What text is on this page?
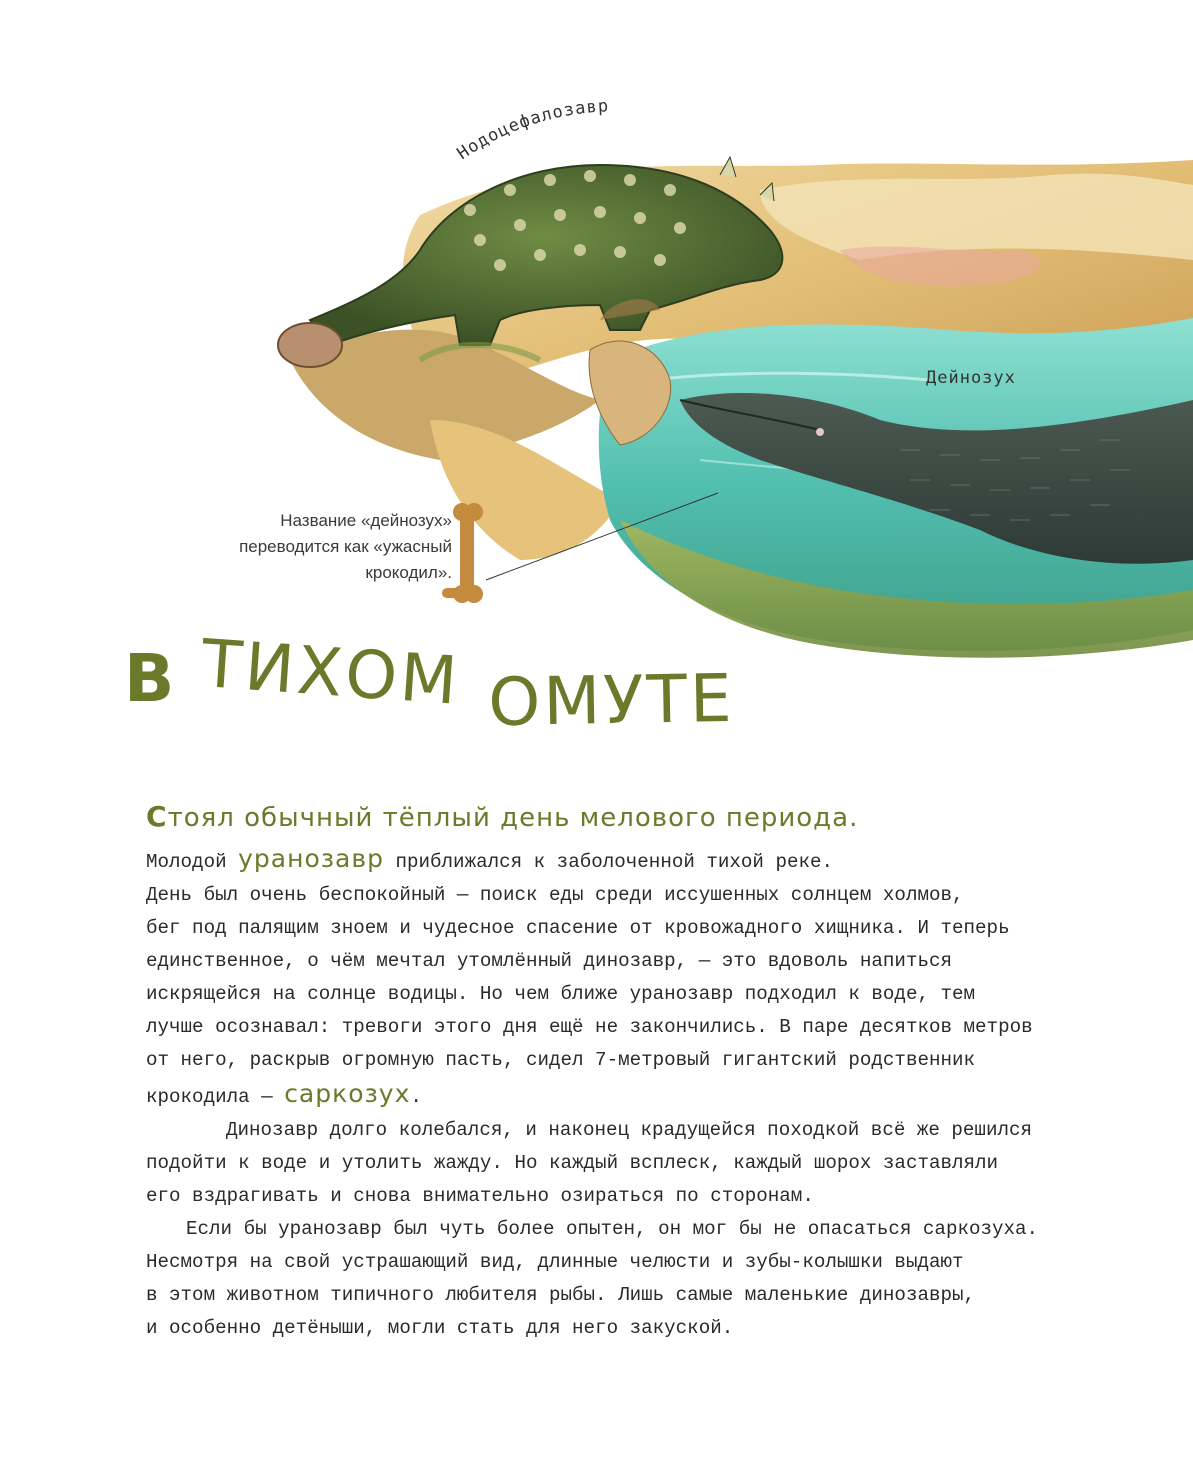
Нодоцефалозавр
Дейнозух
Название «дейнозух»
переводится как «ужасный
крокодил».
В ТИХОМ ОМУТЕ
Стоял обычный тёплый день мелового периода.

Молодой уранозавр приближался к заболоченной тихой реке.
День был очень беспокойный — поиск еды среди иссушенных солнцем холмов,
бег под палящим зноем и чудесное спасение от кровожадного хищника. И теперь
единственное, о чём мечтал утомлённый динозавр, — это вдоволь напиться
искрящейся на солнце водицы. Но чем ближе уранозавр подходил к воде, тем
лучше осознавал: тревоги этого дня ещё не закончились. В паре десятков метров
от него, раскрыв огромную пасть, сидел 7-метровый гигантский родственник
крокодила — саркозух.

Динозавр долго колебался, и наконец крадущейся походкой всё же решился
подойти к воде и утолить жажду. Но каждый всплеск, каждый шорох заставляли
его вздрагивать и снова внимательно озираться по сторонам.

Если бы уранозавр был чуть более опытен, он мог бы не опасаться саркозуха.
Несмотря на свой устрашающий вид, длинные челюсти и зубы-колышки выдают
в этом животном типичного любителя рыбы. Лишь самые маленькие динозавры,
и особенно детёныши, могли стать для него закуской.
